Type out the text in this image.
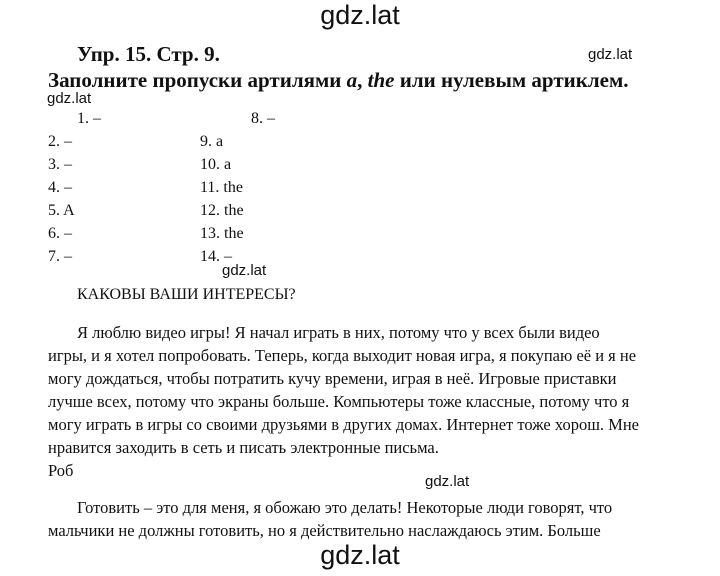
gdz.lat
gdz.lat
gdz.lat
gdz.lat
gdz.lat
gdz.lat
Упр. 15. Стр. 9.
Заполните пропуски артилями a, the или нулевым артиклем.
1. –
2. –
3. –
4. –
5. A
6. –
7. –
8. –
9. a
10. a
11. the
12. the
13. the
14. –
КАКОВЫ ВАШИ ИНТЕРЕСЫ?
Я люблю видео игры! Я начал играть в них, потому что у всех были видео
игры, и я хотел попробовать. Теперь, когда выходит новая игра, я покупаю её и я не
могу дождаться, чтобы потратить кучу времени, играя в неё. Игровые приставки
лучше всех, потому что экраны больше. Компьютеры тоже классные, потому что я
могу играть в игры со своими друзьями в других домах. Интернет тоже хорош. Мне
нравится заходить в сеть и писать электронные письма.
Роб
Готовить – это для меня, я обожаю это делать! Некоторые люди говорят, что
мальчики не должны готовить, но я действительно наслаждаюсь этим. Больше
